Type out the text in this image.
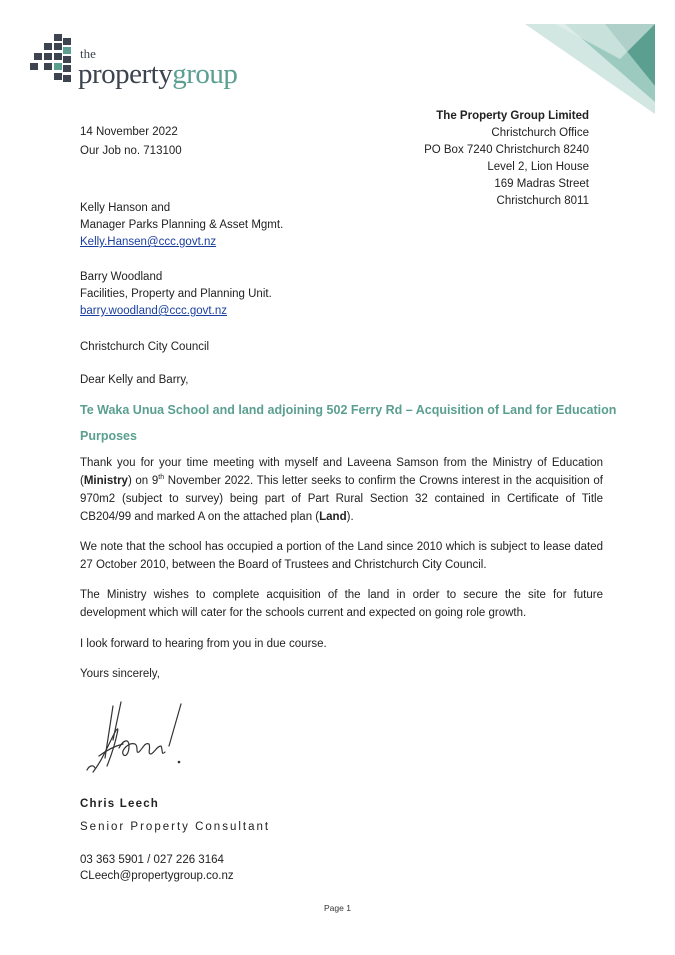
the
propertygroup
The Property Group Limited
Christchurch Office
PO Box 7240 Christchurch 8240
Level 2, Lion House
169 Madras Street
Christchurch 8011
14 November 2022
Our Job no. 713100
Kelly Hanson and
Manager Parks Planning & Asset Mgmt.
Kelly.Hansen@ccc.govt.nz
Barry Woodland
Facilities, Property and Planning Unit.
barry.woodland@ccc.govt.nz
Christchurch City Council
Dear Kelly and Barry,
Te Waka Unua School and land adjoining 502 Ferry Rd – Acquisition of Land for Education
Purposes
Thank you for your time meeting with myself and Laveena Samson from the Ministry of Education (Ministry) on 9th November 2022. This letter seeks to confirm the Crowns interest in the acquisition of 970m2 (subject to survey) being part of Part Rural Section 32 contained in Certificate of Title CB204/99 and marked A on the attached plan (Land).
We note that the school has occupied a portion of the Land since 2010 which is subject to lease dated 27 October 2010, between the Board of Trustees and Christchurch City Council.
The Ministry wishes to complete acquisition of the land in order to secure the site for future development which will cater for the schools current and expected on going role growth.
I look forward to hearing from you in due course.
Yours sincerely,
Chris Leech
Senior Property Consultant
03 363 5901 / 027 226 3164
CLeech@propertygroup.co.nz
Page 1
